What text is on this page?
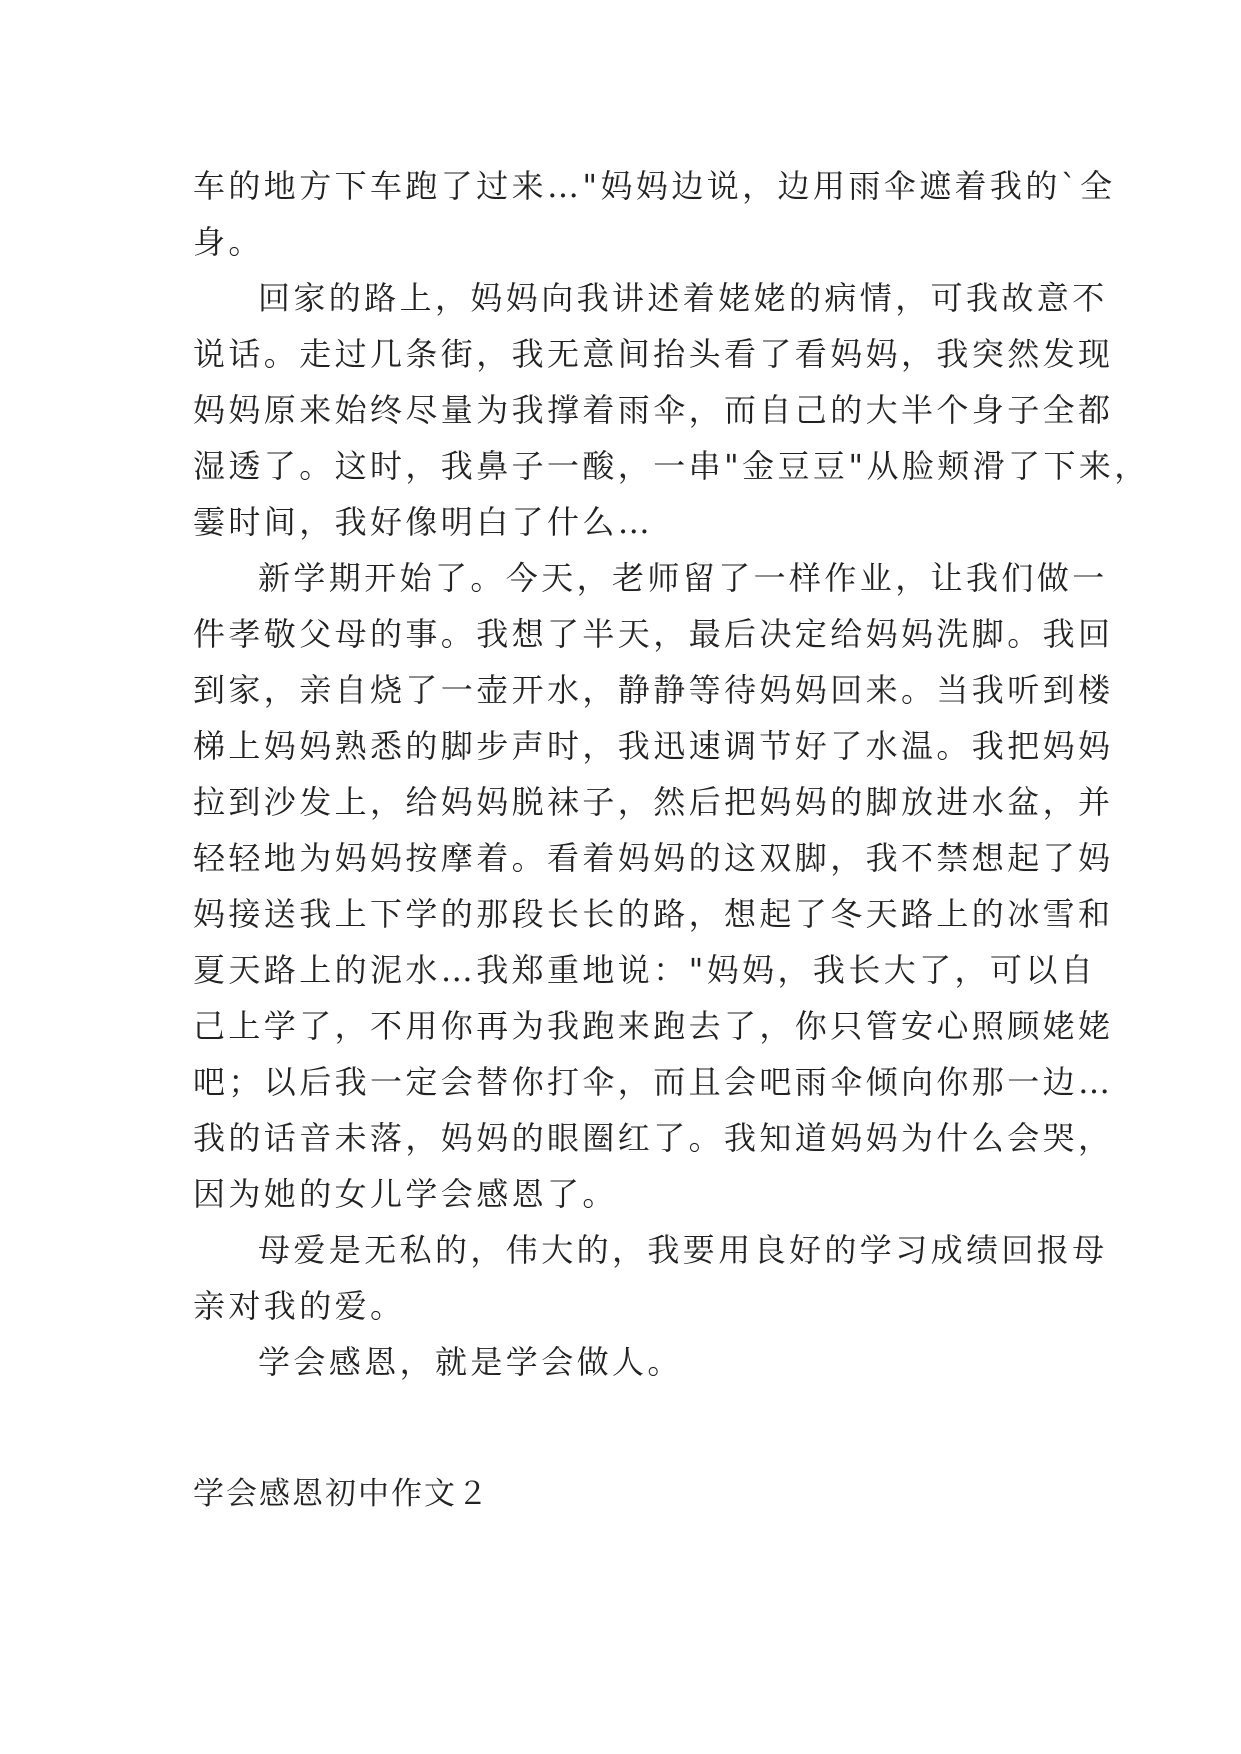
车的地方下车跑了过来…"妈妈边说，边用雨伞遮着我的`全
身。
回家的路上，妈妈向我讲述着姥姥的病情，可我故意不
说话。走过几条街，我无意间抬头看了看妈妈，我突然发现
妈妈原来始终尽量为我撑着雨伞，而自己的大半个身子全都
湿透了。这时，我鼻子一酸，一串"金豆豆"从脸颊滑了下来，
霎时间，我好像明白了什么…
新学期开始了。今天，老师留了一样作业，让我们做一
件孝敬父母的事。我想了半天，最后决定给妈妈洗脚。我回
到家，亲自烧了一壶开水，静静等待妈妈回来。当我听到楼
梯上妈妈熟悉的脚步声时，我迅速调节好了水温。我把妈妈
拉到沙发上，给妈妈脱袜子，然后把妈妈的脚放进水盆，并
轻轻地为妈妈按摩着。看着妈妈的这双脚，我不禁想起了妈
妈接送我上下学的那段长长的路，想起了冬天路上的冰雪和
夏天路上的泥水…我郑重地说："妈妈，我长大了，可以自
己上学了，不用你再为我跑来跑去了，你只管安心照顾姥姥
吧；以后我一定会替你打伞，而且会吧雨伞倾向你那一边…
我的话音未落，妈妈的眼圈红了。我知道妈妈为什么会哭，
因为她的女儿学会感恩了。
母爱是无私的，伟大的，我要用良好的学习成绩回报母
亲对我的爱。
学会感恩，就是学会做人。
学会感恩初中作文２
